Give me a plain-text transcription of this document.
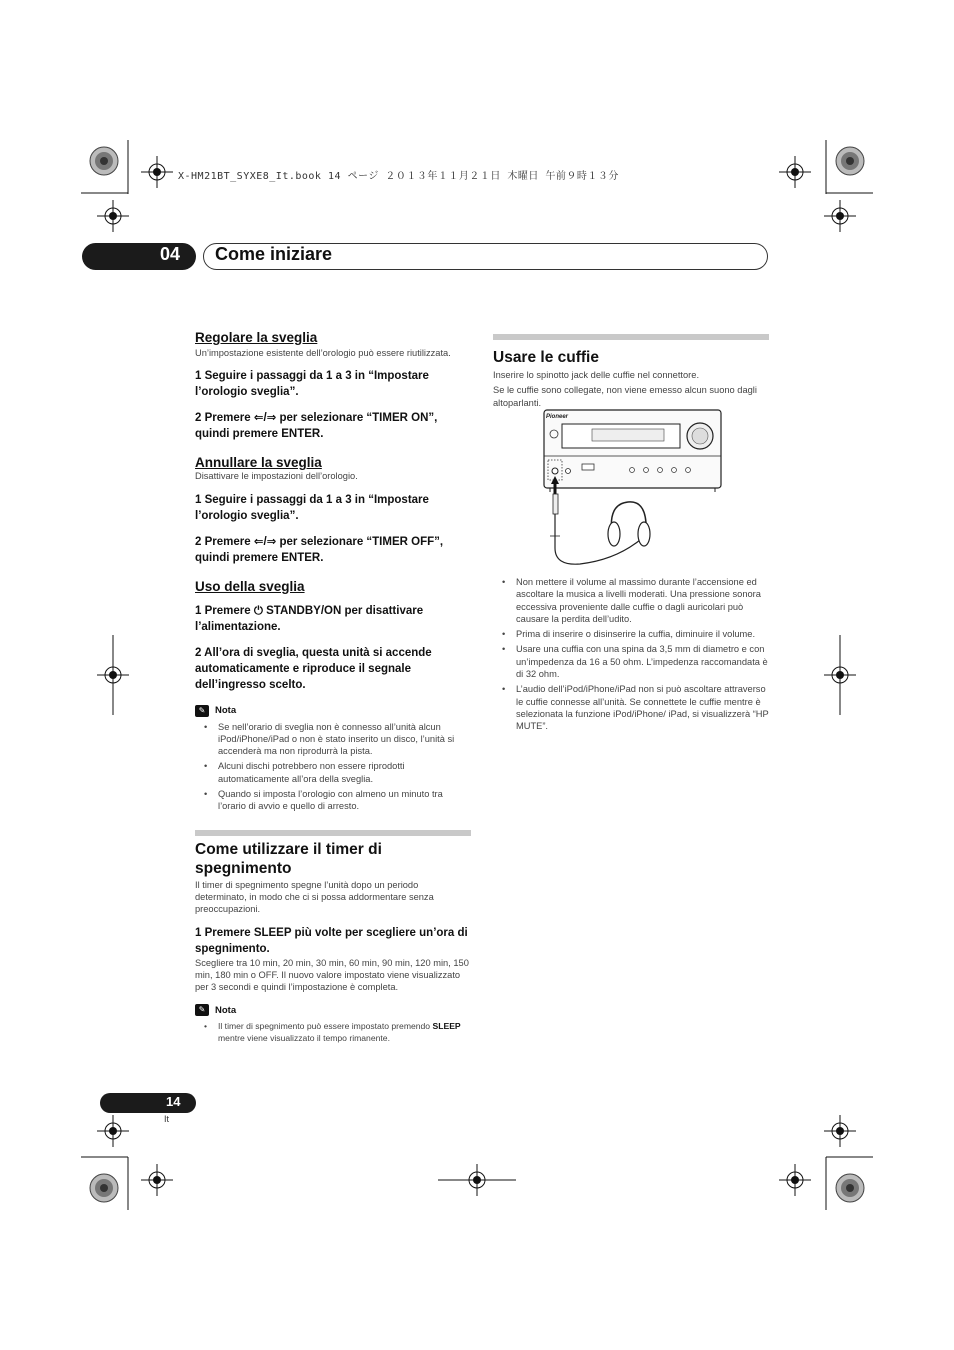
X-HM21BT_SYXE8_It.book 14 ページ ２０１３年１１月２１日 木曜日 午前９時１３分
04 Come iniziare
Regolare la sveglia
Un’impostazione esistente dell’orologio può essere riutilizzata.
1 Seguire i passaggi da 1 a 3 in “Impostare l’orologio sveglia”.
2 Premere ⇐/⇒ per selezionare “TIMER ON”, quindi premere ENTER.
Annullare la sveglia
Disattivare le impostazioni dell’orologio.
1 Seguire i passaggi da 1 a 3 in “Impostare l’orologio sveglia”.
2 Premere ⇐/⇒ per selezionare “TIMER OFF”, quindi premere ENTER.
Uso della sveglia
1 Premere ⏻ STANDBY/ON per disattivare l’alimentazione.
2 All’ora di sveglia, questa unità si accende automaticamente e riproduce il segnale dell’ingresso scelto.
✎	Nota
• Se nell’orario di sveglia non è connesso all’unità alcun iPod/iPhone/iPad o non è stato inserito un disco, l’unità si accenderà ma non riprodurrà la pista.
• Alcuni dischi potrebbero non essere riprodotti automaticamente all’ora della sveglia.
• Quando si imposta l’orologio con almeno un minuto tra l’orario di avvio e quello di arresto.
Come utilizzare il timer di spegnimento
Il timer di spegnimento spegne l’unità dopo un periodo determinato, in modo che ci si possa addormentare senza preoccupazioni.
1 Premere SLEEP più volte per scegliere un’ora di spegnimento.
Scegliere tra 10 min, 20 min, 30 min, 60 min, 90 min, 120 min, 150 min, 180 min o OFF. Il nuovo valore impostato viene visualizzato per 3 secondi e quindi l’impostazione è completa.
✎	Nota
• Il timer di spegnimento può essere impostato premendo SLEEP mentre viene visualizzato il tempo rimanente.
Usare le cuffie
Inserire lo spinotto jack delle cuffie nel connettore.
Se le cuffie sono collegate, non viene emesso alcun suono dagli altoparlanti.
Pioneer
• Non mettere il volume al massimo durante l’accensione ed ascoltare la musica a livelli moderati. Una pressione sonora eccessiva proveniente dalle cuffie o dagli auricolari può causare la perdita dell’udito.
• Prima di inserire o disinserire la cuffia, diminuire il volume.
• Usare una cuffia con una spina da 3,5 mm di diametro e con un’impedenza da 16 a 50 ohm. L’impedenza raccomandata è di 32 ohm.
• L’audio dell’iPod/iPhone/iPad non si può ascoltare attraverso le cuffie connesse all’unità. Se connettete le cuffie mentre è selezionata la funzione iPod/iPhone/ iPad, si visualizzerà “HP MUTE”.
14
It
